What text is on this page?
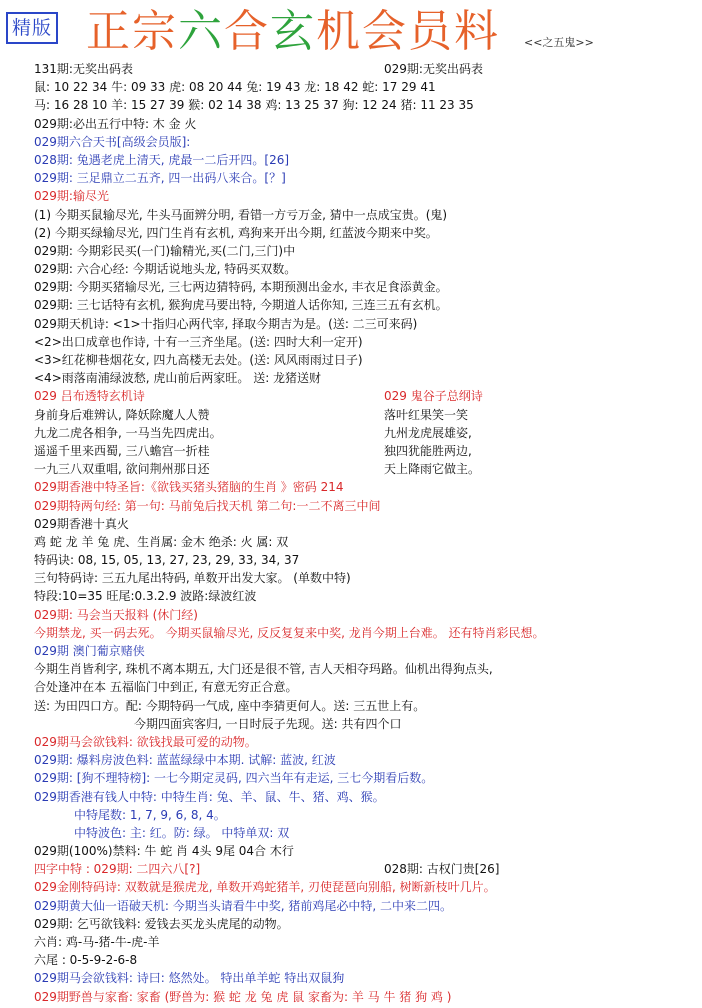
精版 正宗六合玄机会员料 <<之五鬼>>
131期:无奖出码表	029期:无奖出码表
鼠: 10 22 34 牛: 09 33 虎: 08 20 44 兔: 19 43 龙: 18 42 蛇: 17 29 41
马: 16 28 10 羊: 15 27 39 猴: 02 14 38 鸡: 13 25 37 狗: 12 24 猪: 11 23 35
029期:必出五行中特: 木 金 火
029期六合天书[高级会员版]:
028期: 兔遇老虎上清天, 虎最一二后开四。[26]
029期: 三足鼎立二五齐, 四一出码八来合。[？]
029期:输尽光
(1) 今期买鼠输尽光, 牛头马面辨分明, 看错一方亏万金, 猜中一点成宝贵。(鬼)
(2) 今期买绿输尽光, 四门生肖有玄机, 鸡狗来开出今期, 红蓝波今期来中奖。
029期: 今期彩民买(一门)输精光,买(二门,三门)中
029期: 六合心经: 今期话说地头龙, 特码买双数。
029期: 今期买猪输尽光, 三七两边猜特码, 本期预测出金水, 丰衣足食添黄金。
029期: 三七话特有玄机, 猴狗虎马要出特, 今期道人话你知, 三连三五有玄机。
029期天机诗: <1>十指归心两代宰, 择取今期吉为是。(送: 二三可来码)
<2>出口成章也作诗, 十有一三齐坐尾。(送: 四时大利一定开)
<3>红花柳巷烟花女, 四九高楼无去处。(送: 风风雨雨过日子)
<4>雨落南浦绿波愁, 虎山前后两家旺。 送: 龙猪送财
029 吕布透特玄机诗	029 鬼谷子总纲诗
身前身后难辨认, 降妖除魔人人赞	落叶红果笑一笑
九龙二虎各相争, 一马当先四虎出。	九州龙虎展雄姿,
遥遥千里来西蜀, 三八蟾宫一折桂	独四犹能胜两边,
一九三八双重唱, 欲问荆州那日还	天上降雨它做主。
029期香港中特圣旨:《欲钱买猪头猪脑的生肖 》密码 214
029期特两句经: 第一句: 马前兔后找天机 第二句:一二不离三中间
029期香港十真火
鸡 蛇 龙 羊 兔 虎、生肖属: 金木 绝杀: 火 属: 双
特码诀: 08, 15, 05, 13, 27, 23, 29, 33, 34, 37
三句特码诗: 三五九尾出特码, 单数开出发大家。 (单数中特)
特段:10=35 旺尾:0.3.2.9 波路:绿波红波
029期: 马会当天报料 (休门经)
今期禁龙, 买一码去死。 今期买鼠输尽光, 反反复复来中奖, 龙肖今期上台难。 还有特肖彩民想。
029期 澳门葡京赌侠
今期生肖皆利字, 珠机不离本期五, 大门还是很不管, 吉人天相夺玛路。仙机出得狗点头,
合处逢冲在本 五福临门中到正, 有意无穷正合意。
送: 为田四口方。配: 今期特码一气成, 座中李猜更何人。送: 三五世上有。
今期四面宾客归, 一日时辰子先现。送: 共有四个口
029期马会欲钱料: 欲钱找最可爱的动物。
029期: 爆料房波色料: 蓝蓝绿绿中本期. 试解: 蓝波, 红波
029期: [狗不理特榜]: 一七今期定灵码, 四六当年有走运, 三七今期看后数。
029期香港有钱人中特: 中特生肖: 兔、羊、鼠、牛、猪、鸡、猴。
中特尾数: 1, 7, 9, 6, 8, 4。
中特波色: 主: 红。防: 绿。 中特单双: 双
029期(100%)禁料: 牛 蛇 肖 4头 9尾 04合 木行
四字中特 : 029期: 二四六八[?]	028期: 古权门贵[26]
029金刚特码诗: 双数就是猴虎龙, 单数开鸡蛇猪羊, 刃使琵琶向别船, 树断新枝叶几片。
029期黄大仙一语破天机: 今期当头请看牛中奖, 猪前鸡尾必中特, 二中来二四。
029期: 乞丐欲钱料: 爱钱去买龙头虎尾的动物。
六肖: 鸡-马-猪-牛-虎-羊
六尾 : 0-5-9-2-6-8
029期马会欲钱料: 诗曰: 悠然处。 特出单羊蛇 特出双鼠狗
029期野兽与家畜: 家畜 (野兽为: 猴 蛇 龙 兔 虎 鼠 家畜为: 羊 马 牛 猪 狗 鸡 )
